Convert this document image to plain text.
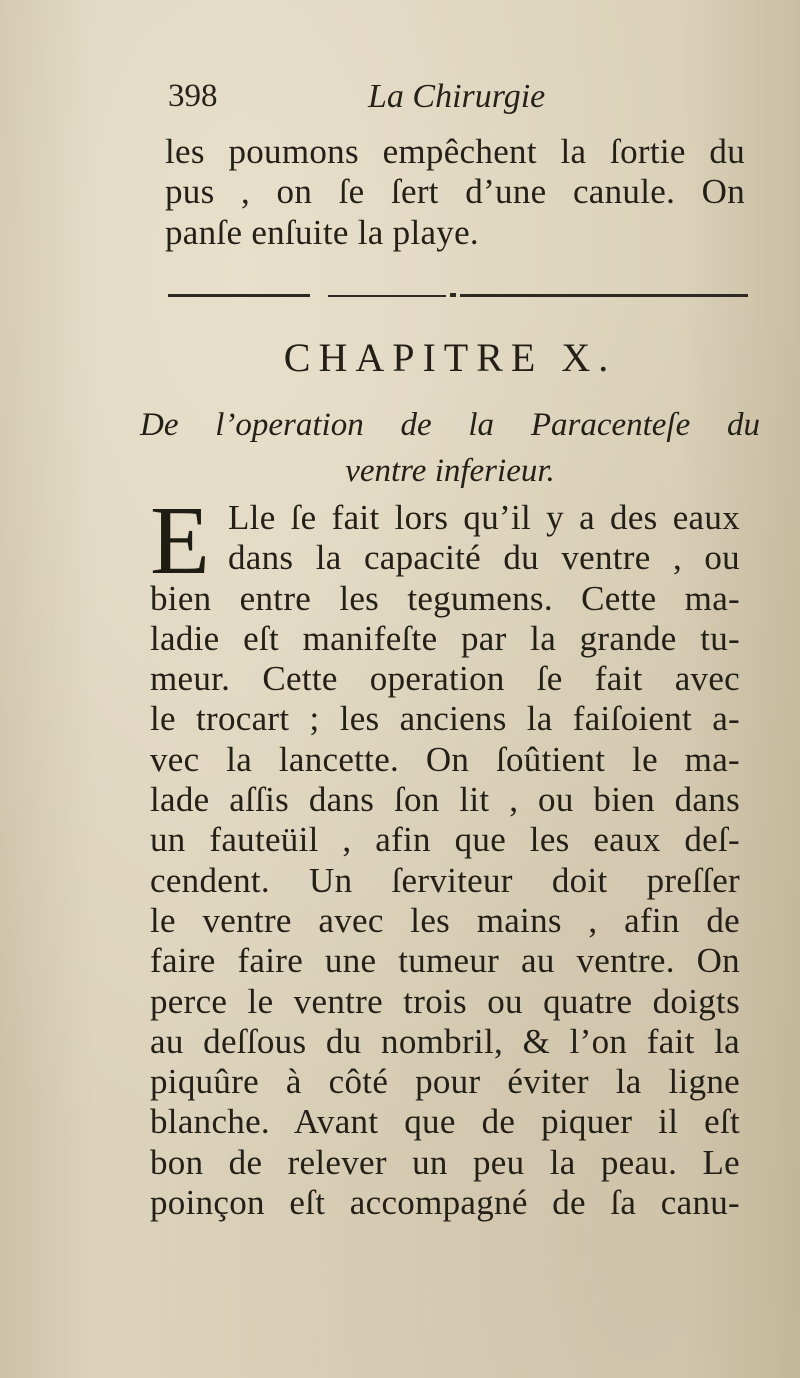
398	La Chirurgie
les poumons empêchent la ſortie du
pus , on ſe ſert d’une canule. On
panſe enſuite la playe.
CHAPITRE X.
De l’operation de la Paracenteſe du
ventre inferieur.
E Lle ſe fait lors qu’il y a des eaux
dans la capacité du ventre , ou
bien entre les tegumens. Cette ma-
ladie eſt manifeſte par la grande tu-
meur. Cette operation ſe fait avec
le trocart ; les anciens la faiſoient a-
vec la lancette. On ſoûtient le ma-
lade aſſis dans ſon lit , ou bien dans
un fauteüil , afin que les eaux deſ-
cendent. Un ſerviteur doit preſſer
le ventre avec les mains , afin de
faire faire une tumeur au ventre. On
perce le ventre trois ou quatre doigts
au deſſous du nombril, & l’on fait la
piquûre à côté pour éviter la ligne
blanche. Avant que de piquer il eſt
bon de relever un peu la peau. Le
poinçon eſt accompagné de ſa canu-
